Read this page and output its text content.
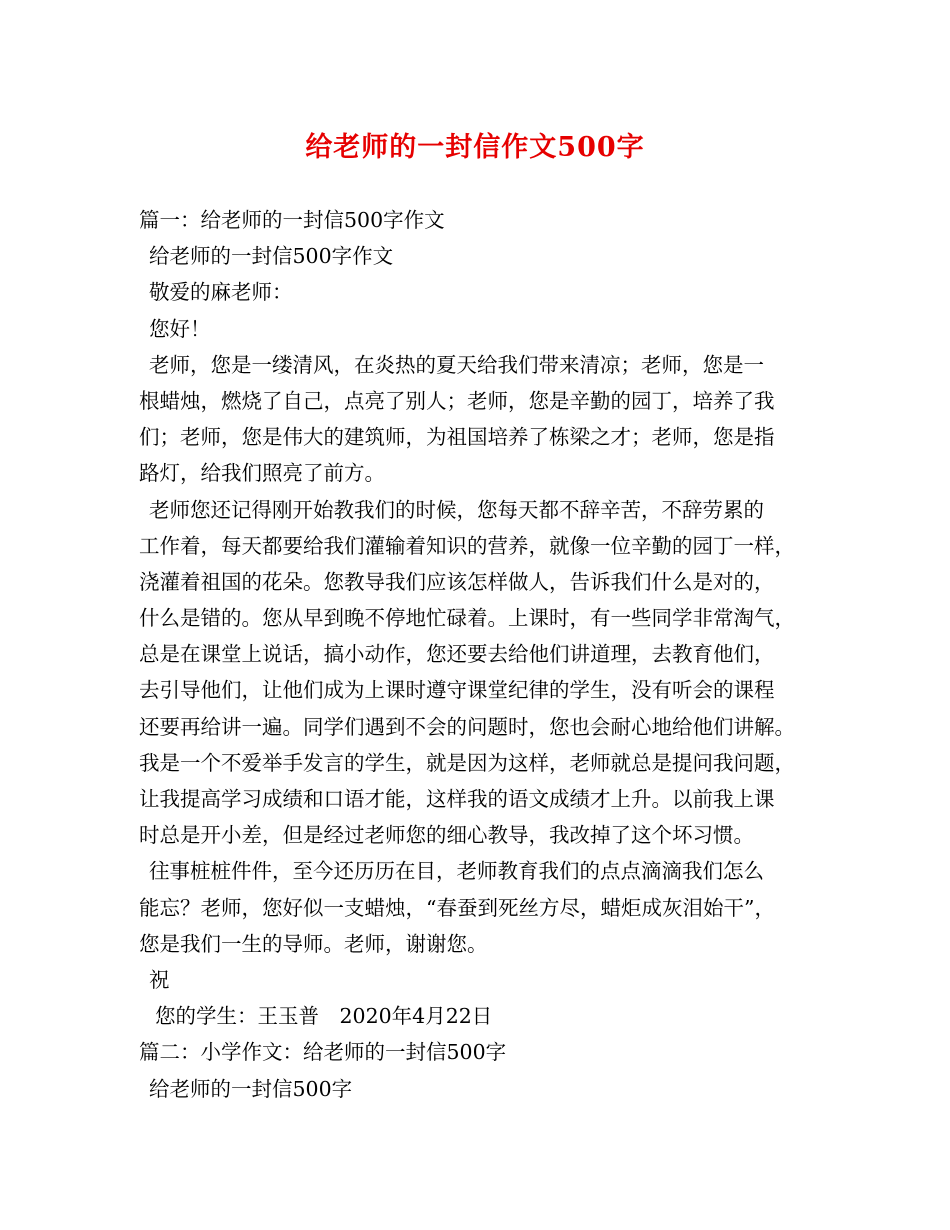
给老师的一封信作文500字
篇一：给老师的一封信500字作文
给老师的一封信500字作文
敬爱的麻老师：
您好！
老师，您是一缕清风，在炎热的夏天给我们带来清凉；老师，您是一
根蜡烛，燃烧了自己，点亮了别人；老师，您是辛勤的园丁，培养了我
们；老师，您是伟大的建筑师，为祖国培养了栋梁之才；老师，您是指
路灯，给我们照亮了前方。
老师您还记得刚开始教我们的时候，您每天都不辞辛苦，不辞劳累的
工作着，每天都要给我们灌输着知识的营养，就像一位辛勤的园丁一样，
浇灌着祖国的花朵。您教导我们应该怎样做人，告诉我们什么是对的，
什么是错的。您从早到晚不停地忙碌着。上课时，有一些同学非常淘气，
总是在课堂上说话，搞小动作，您还要去给他们讲道理，去教育他们，
去引导他们，让他们成为上课时遵守课堂纪律的学生，没有听会的课程
还要再给讲一遍。同学们遇到不会的问题时，您也会耐心地给他们讲解。
我是一个不爱举手发言的学生，就是因为这样，老师就总是提问我问题，
让我提高学习成绩和口语才能，这样我的语文成绩才上升。以前我上课
时总是开小差，但是经过老师您的细心教导，我改掉了这个坏习惯。
往事桩桩件件，至今还历历在目，老师教育我们的点点滴滴我们怎么
能忘？老师，您好似一支蜡烛，“春蚕到死丝方尽，蜡炬成灰泪始干”，
您是我们一生的导师。老师，谢谢您。
祝
您的学生：王玉普　2020年4月22日
篇二：小学作文：给老师的一封信500字
给老师的一封信500字
